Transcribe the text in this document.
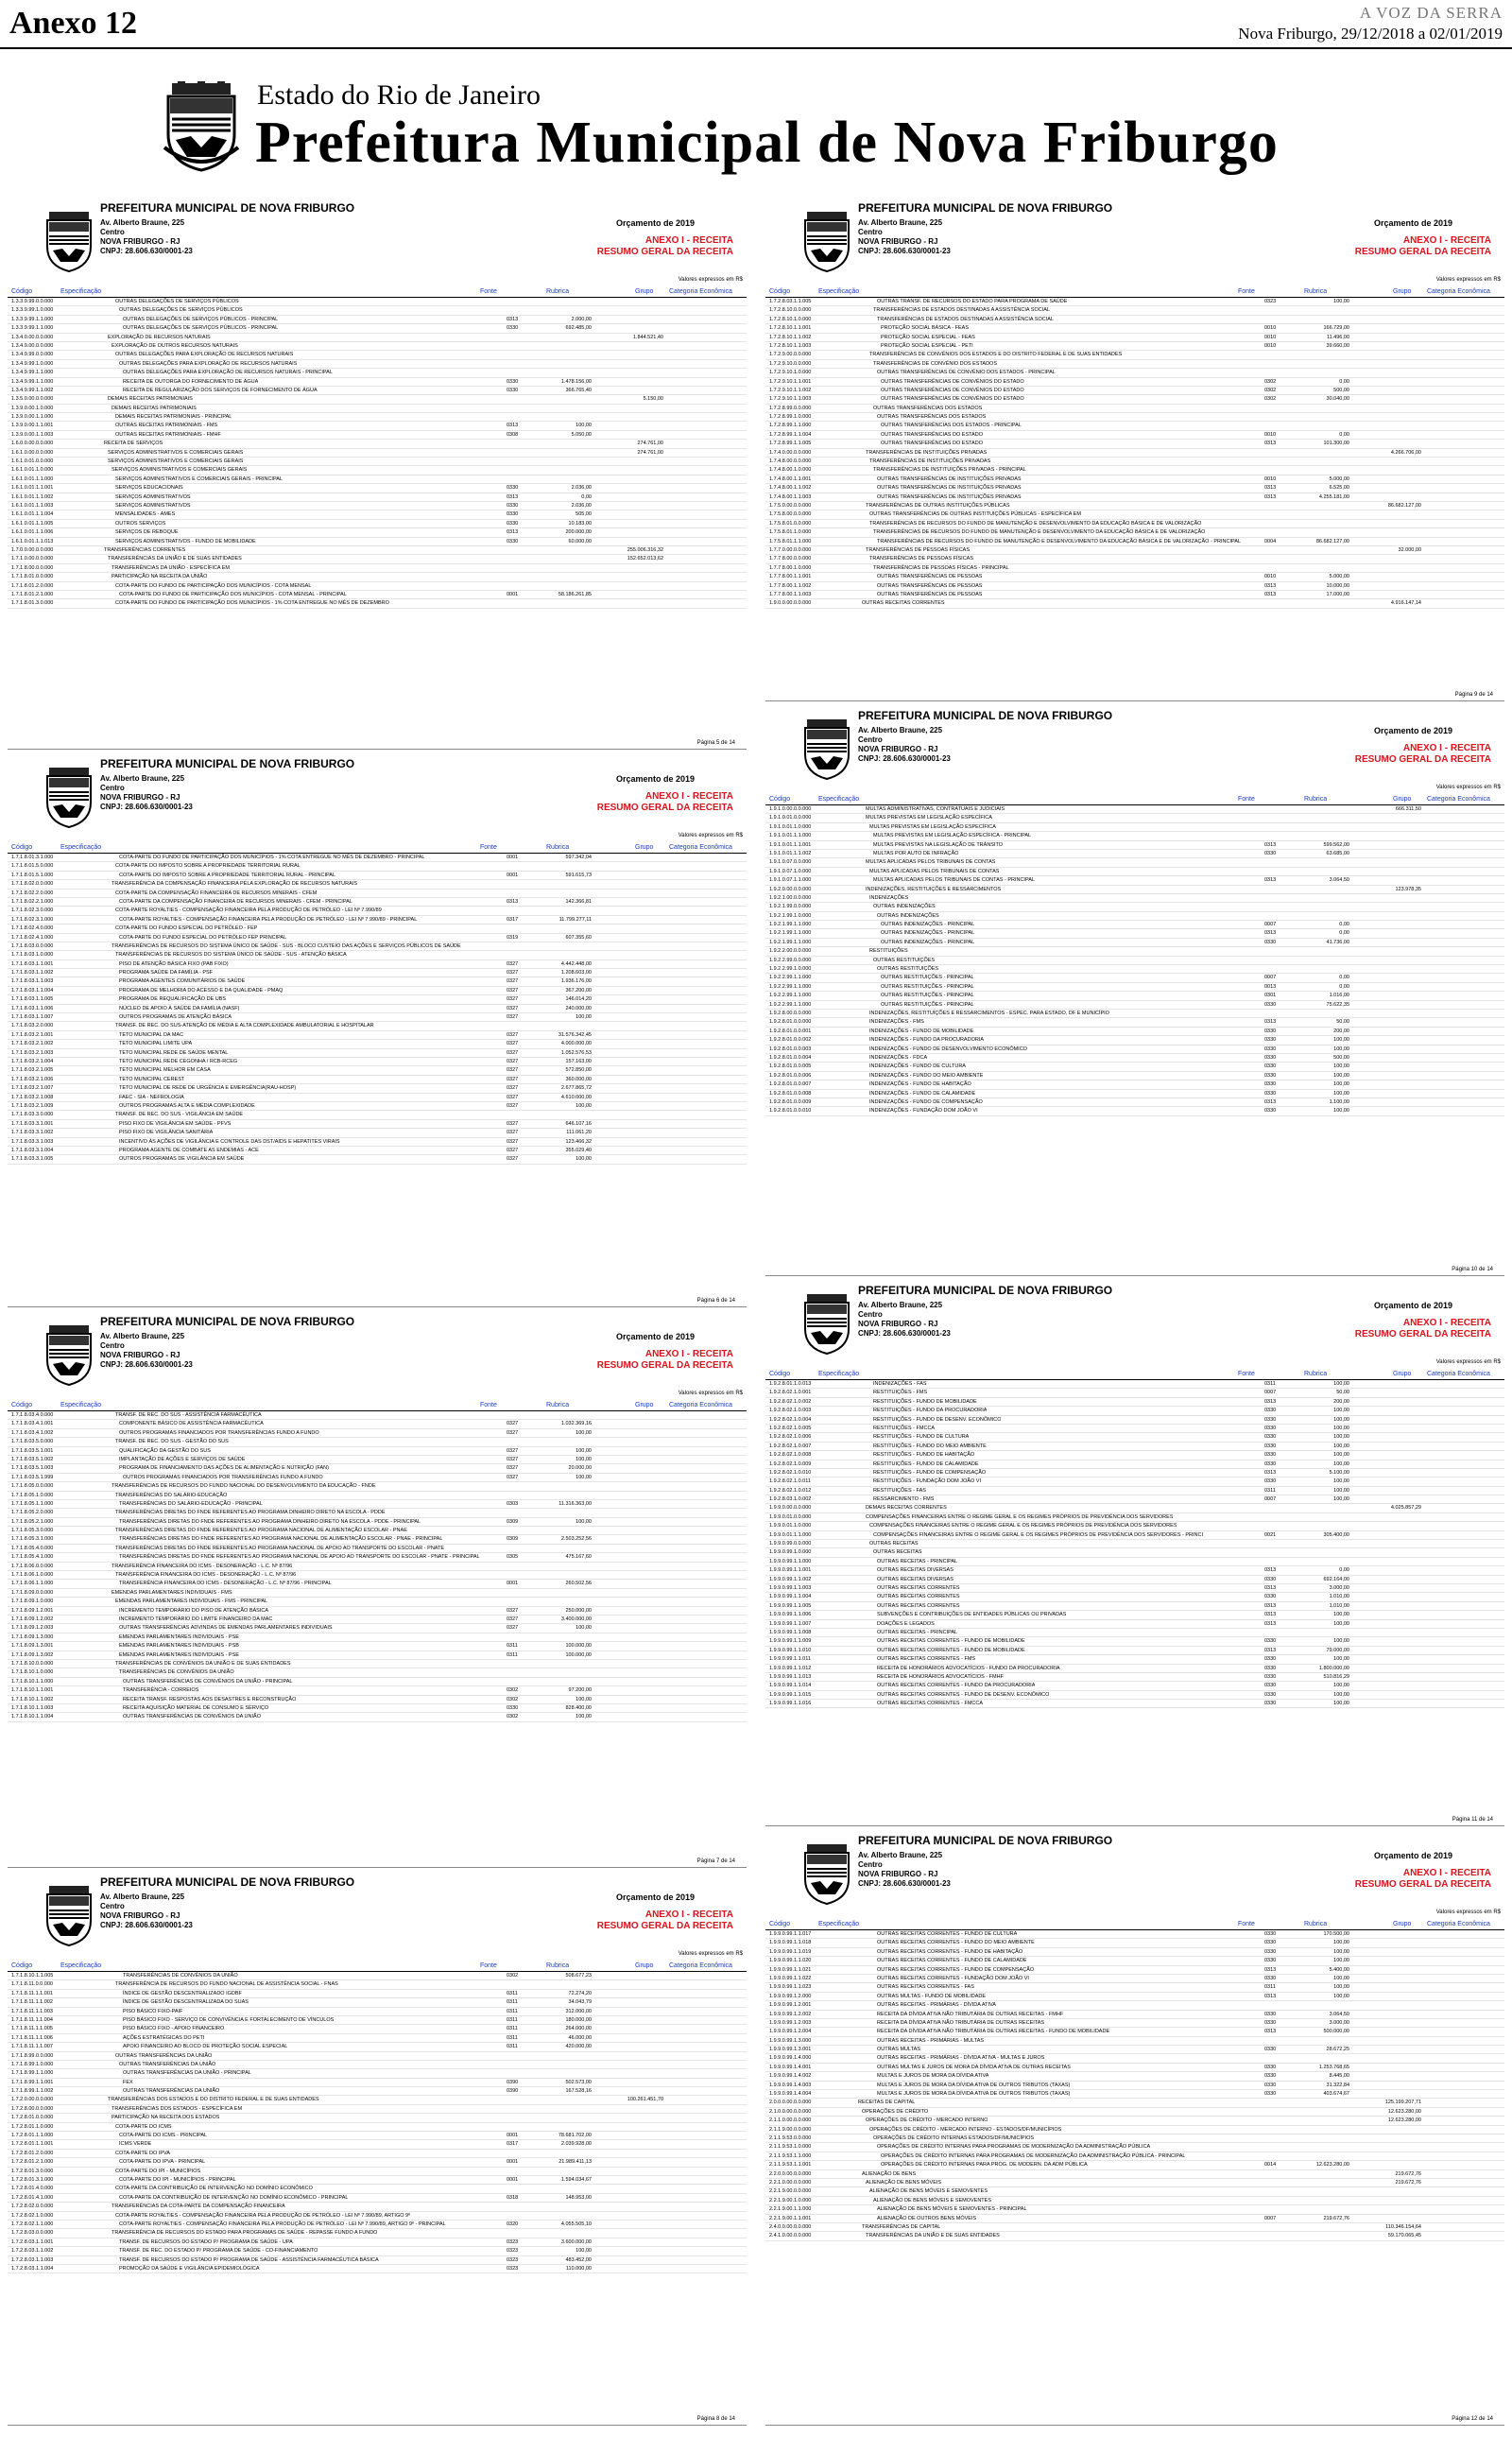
Anexo 12	A VOZ DA SERRA
Nova Friburgo, 29/12/2018 a 02/01/2019
Estado do Rio de Janeiro
Prefeitura Municipal de Nova Friburgo
PREFEITURA MUNICIPAL DE NOVA FRIBURGO
Av. Alberto Braune, 225
Centro
NOVA FRIBURGO - RJ
CNPJ: 28.606.630/0001-23
Orçamento de 2019
ANEXO I - RECEITA
RESUMO GERAL DA RECEITA
Valores expressos em R$
Código	Especificação	Fonte	Rubrica	Grupo Categoria Econômica
1.3.3.9.99.0.0.000	OUTRAS DELEGAÇÕES DE SERVIÇOS PÚBLICOS
1.3.3.9.99.1.0.000	OUTRAS DELEGAÇÕES DE SERVIÇOS PÚBLICOS
1.3.3.9.99.1.1.000	OUTRAS DELEGAÇÕES DE SERVIÇOS PÚBLICOS - PRINCIPAL	0313	2.000,00
1.3.3.9.99.1.1.000	OUTRAS DELEGAÇÕES DE SERVIÇOS PÚBLICOS - PRINCIPAL	0330	692.485,00
1.3.4.0.00.0.0.000	EXPLORAÇÃO DE RECURSOS NATURAIS	1.844.521,40
1.3.4.9.00.0.0.000	EXPLORAÇÃO DE OUTROS RECURSOS NATURAIS
1.3.4.9.99.0.0.000	OUTRAS DELEGAÇÕES PARA EXPLORAÇÃO DE RECURSOS NATURAIS
1.3.4.9.99.1.0.000	OUTRAS DELEGAÇÕES PARA EXPLORAÇÃO DE RECURSOS NATURAIS
1.3.4.9.99.1.1.000	OUTRAS DELEGAÇÕES PARA EXPLORAÇÃO DE RECURSOS NATURAIS - PRINCIPAL
1.3.4.9.99.1.1.000	RECEITA DE OUTORGA DO FORNECIMENTO DE ÁGUA	0330	1.478.156,00
1.3.4.9.99.1.1.002	RECEITA DE REGULARIZAÇÃO DOS SERVIÇOS DE FORNECIMENTO DE ÁGUA	0330	366.765,40
1.3.5.0.00.0.0.000	DEMAIS RECEITAS PATRIMONIAIS	5.150,00
1.3.9.0.00.1.0.000	DEMAIS RECEITAS PATRIMONIAIS
1.3.9.0.00.1.1.000	DEMAIS RECEITAS PATRIMONIAIS - PRINCIPAL
1.3.9.0.00.1.1.001	OUTRAS RECEITAS PATRIMONIAIS - FMS	0313	100,00
1.3.9.0.00.1.1.003	OUTRAS RECEITAS PATRIMONIAIS - FMHF	0308	5.050,00
1.6.0.0.00.0.0.000	RECEITA DE SERVIÇOS	274.761,00
1.6.1.0.00.0.0.000	SERVIÇOS ADMINISTRATIVOS E COMERCIAIS GERAIS	274.761,00
1.6.1.0.01.0.0.000	SERVIÇOS ADMINISTRATIVOS E COMERCIAIS GERAIS
1.6.1.0.01.1.0.000	SERVIÇOS ADMINISTRATIVOS E COMERCIAIS GERAIS
1.6.1.0.01.1.1.000	SERVIÇOS ADMINISTRATIVOS E COMERCIAIS GERAIS - PRINCIPAL
1.6.1.0.01.1.1.001	SERVIÇOS EDUCACIONAIS	0330	2.036,00
1.6.1.0.01.1.1.002	SERVIÇOS ADMINISTRATIVOS	0313	0,00
1.6.1.0.01.1.1.003	SERVIÇOS ADMINISTRATIVOS	0330	2.036,00
1.6.1.0.01.1.1.004	MENSALIDADES - AMES	0330	505,00
1.6.1.0.01.1.1.005	OUTROS SERVIÇOS	0330	10.183,00
1.6.1.0.01.1.1.006	SERVIÇOS DE REBOQUE	0313	200.000,00
1.6.1.0.01.1.1.013	SERVIÇOS ADMINISTRATIVOS - FUNDO DE MOBILIDADE	0330	60.000,00
1.7.0.0.00.0.0.000	TRANSFERÊNCIAS CORRENTES	255.006.316,32
1.7.1.0.00.0.0.000	TRANSFERÊNCIAS DA UNIÃO E DE SUAS ENTIDADES	152.652.013,62
1.7.1.8.00.0.0.000	TRANSFERÊNCIAS DA UNIÃO - ESPECÍFICA EM
1.7.1.8.01.0.0.000	PARTICIPAÇÃO NA RECEITA DA UNIÃO
1.7.1.8.01.2.0.000	COTA-PARTE DO FUNDO DE PARTICIPAÇÃO DOS MUNICÍPIOS - COTA MENSAL
1.7.1.8.01.2.1.000	COTA-PARTE DO FUNDO DE PARTICIPAÇÃO DOS MUNICÍPIOS - COTA MENSAL - PRINCIPAL	0001	58.186.261,85
1.7.1.8.01.3.0.000	COTA-PARTE DO FUNDO DE PARTICIPAÇÃO DOS MUNICÍPIOS - 1% COTA ENTREGUE NO MÊS DE DEZEMBRO
Página 5 de 14
PREFEITURA MUNICIPAL DE NOVA FRIBURGO
Av. Alberto Braune, 225
Centro
NOVA FRIBURGO - RJ
CNPJ: 28.606.630/0001-23
Orçamento de 2019
ANEXO I - RECEITA
RESUMO GERAL DA RECEITA
Valores expressos em R$
Código	Especificação	Fonte	Rubrica	Grupo Categoria Econômica
1.7.1.8.01.3.1.000	COTA-PARTE DO FUNDO DE PARTICIPAÇÃO DOS MUNICÍPIOS - 1% COTA ENTREGUE NO MÊS DE DEZEMBRO - PRINCIPAL	0001	597.342,04
1.7.1.8.01.5.0.000	COTA-PARTE DO IMPOSTO SOBRE A PROPRIEDADE TERRITORIAL RURAL
1.7.1.8.01.5.1.000	COTA-PARTE DO IMPOSTO SOBRE A PROPRIEDADE TERRITORIAL RURAL - PRINCIPAL	0001	591.615,73
1.7.1.8.02.0.0.000	TRANSFERÊNCIA DA COMPENSAÇÃO FINANCEIRA PELA EXPLORAÇÃO DE RECURSOS NATURAIS
1.7.1.8.02.2.0.000	COTA-PARTE DA COMPENSAÇÃO FINANCEIRA DE RECURSOS MINERAIS - CFEM
1.7.1.8.02.2.1.000	COTA-PARTE DA COMPENSAÇÃO FINANCEIRA DE RECURSOS MINERAIS - CFEM - PRINCIPAL	0313	142.366,81
1.7.1.8.02.3.0.000	COTA-PARTE ROYALTIES - COMPENSAÇÃO FINANCEIRA PELA PRODUÇÃO DE PETRÓLEO - LEI Nº 7.990/89
1.7.1.8.02.3.1.000	COTA-PARTE ROYALTIES - COMPENSAÇÃO FINANCEIRA PELA PRODUÇÃO DE PETRÓLEO - LEI Nº 7.990/89 - PRINCIPAL	0317	11.799.277,11
1.7.1.8.02.4.0.000	COTA-PARTE DO FUNDO ESPECIAL DO PETRÓLEO - FEP
1.7.1.8.02.4.1.000	COTA-PARTE DO FUNDO ESPECIAL DO PETRÓLEO FEP PRINCIPAL	0319	607.355,60
1.7.1.8.03.0.0.000	TRANSFERÊNCIAS DE RECURSOS DO SISTEMA ÚNICO DE SAÚDE - SUS - BLOCO CUSTEIO DAS AÇÕES E SERVIÇOS PÚBLICOS DE SAÚDE
1.7.1.8.03.1.0.000	TRANSFERÊNCIAS DE RECURSOS DO SISTEMA ÚNICO DE SAÚDE - SUS - ATENÇÃO BÁSICA
1.7.1.8.03.1.1.001	PISO DE ATENÇÃO BÁSICA FIXO (PAB FIXO)	0327	4.442.448,00
1.7.1.8.03.1.1.002	PROGRAMA SAÚDE DA FAMÍLIA - PSF	0327	1.208.603,00
1.7.1.8.03.1.1.003	PROGRAMA AGENTES COMUNITÁRIOS DE SAÚDE	0327	1.936.176,00
1.7.1.8.03.1.1.004	PROGRAMA DE MELHORIA DO ACESSO E DA QUALIDADE - PMAQ	0327	367.200,00
1.7.1.8.03.1.1.005	PROGRAMA DE REQUALIFICAÇÃO DE UBS	0327	146.014,20
1.7.1.8.03.1.1.006	NÚCLEO DE APOIO À SAÚDE DA FAMÍLIA (NASF)	0327	240.000,00
1.7.1.8.03.1.1.007	OUTROS PROGRAMAS DE ATENÇÃO BÁSICA	0327	100,00
1.7.1.8.03.2.0.000	TRANSF. DE REC. DO SUS-ATENÇÃO DE MÉDIA E ALTA COMPLEXIDADE AMBULATORIAL E HOSPITALAR
1.7.1.8.03.2.1.001	TETO MUNICIPAL DA MAC	0327	31.576.342,45
1.7.1.8.03.2.1.002	TETO MUNICIPAL LIMITE UPA	0327	4.000.000,00
1.7.1.8.03.2.1.003	TETO MUNICIPAL REDE DE SAÚDE MENTAL	0327	1.052.576,53
1.7.1.8.03.2.1.004	TETO MUNICIPAL REDE CEGONHA / RCB-RCEG	0327	157.163,00
1.7.1.8.03.2.1.005	TETO MUNICIPAL MELHOR EM CASA	0327	572.850,00
1.7.1.8.03.2.1.006	TETO MUNICIPAL CEREST	0327	360.000,00
1.7.1.8.03.2.1.007	TETO MUNICIPAL DE REDE DE URGÊNCIA E EMERGÊNCIA(RAU-HOSP)	0327	2.677.865,72
1.7.1.8.03.2.1.008	FAEC - SIA - NEFROLOGIA	0327	4.610.000,00
1.7.1.8.03.2.1.009	OUTROS PROGRAMAS ALTA E MÉDIA COMPLEXIDADE	0327	100,00
1.7.1.8.03.3.0.000	TRANSF. DE REC. DO SUS - VIGILÂNCIA EM SAÚDE
1.7.1.8.03.3.1.001	PISO FIXO DE VIGILÂNCIA EM SAÚDE - PFVS	0327	646.107,16
1.7.1.8.03.3.1.002	PISO FIXO DE VIGILÂNCIA SANITÁRIA	0327	111.061,20
1.7.1.8.03.3.1.003	INCENTIVO ÀS AÇÕES DE VIGILÂNCIA E CONTROLE DAS DST/AIDS E HEPATITES VIRAIS	0327	123.466,32
1.7.1.8.03.3.1.004	PROGRAMA AGENTE DE COMBATE AS ENDEMIAS - ACE	0327	355.029,40
1.7.1.8.03.3.1.005	OUTROS PROGRAMAS DE VIGILÂNCIA EM SAÚDE	0327	100,00
Página 6 de 14
PREFEITURA MUNICIPAL DE NOVA FRIBURGO
Av. Alberto Braune, 225
Centro
NOVA FRIBURGO - RJ
CNPJ: 28.606.630/0001-23
Orçamento de 2019
ANEXO I - RECEITA
RESUMO GERAL DA RECEITA
Valores expressos em R$
Código	Especificação	Fonte	Rubrica	Grupo Categoria Econômica
1.7.1.8.03.4.0.000	TRANSF. DE REC. DO SUS - ASSISTÊNCIA FARMACÊUTICA
1.7.1.8.03.4.1.001	COMPONENTE BÁSICO DE ASSISTÊNCIA FARMACÊUTICA	0327	1.032.369,16
1.7.1.8.03.4.1.002	OUTROS PROGRAMAS FINANCIADOS POR TRANSFERÊNCIAS FUNDO A FUNDO	0327	100,00
1.7.1.8.03.5.0.000	TRANSF. DE REC. DO SUS - GESTÃO DO SUS
1.7.1.8.03.5.1.001	QUALIFICAÇÃO DA GESTÃO DO SUS	0327	100,00
1.7.1.8.03.5.1.002	IMPLANTAÇÃO DE AÇÕES E SERVIÇOS DE SAÚDE	0327	100,00
1.7.1.8.03.5.1.003	PROGRAMA DE FINANCIAMENTO DAS AÇÕES DE ALIMENTAÇÃO E NUTRIÇÃO (FAN)	0327	20.000,00
1.7.1.8.03.5.1.999	OUTROS PROGRAMAS FINANCIADOS POR TRANSFERÊNCIAS FUNDO A FUNDO	0327	100,00
1.7.1.8.05.0.0.000	TRANSFERÊNCIAS DE RECURSOS DO FUNDO NACIONAL DO DESENVOLVIMENTO DA EDUCAÇÃO - FNDE
1.7.1.8.05.1.0.000	TRANSFERÊNCIAS DO SALÁRIO-EDUCAÇÃO
1.7.1.8.05.1.1.000	TRANSFERÊNCIAS DO SALÁRIO-EDUCAÇÃO - PRINCIPAL	0303	11.316.363,00
1.7.1.8.05.2.0.000	TRANSFERÊNCIAS DIRETAS DO FNDE REFERENTES AO PROGRAMA DINHEIRO DIRETO NA ESCOLA - PDDE
1.7.1.8.05.2.1.000	TRANSFERÊNCIAS DIRETAS DO FNDE REFERENTES AO PROGRAMA DINHEIRO DIRETO NA ESCOLA - PDDE - PRINCIPAL	0309	100,00
1.7.1.8.05.3.0.000	TRANSFERÊNCIAS DIRETAS DO FNDE REFERENTES AO PROGRAMA NACIONAL DE ALIMENTAÇÃO ESCOLAR - PNAE
1.7.1.8.05.3.1.000	TRANSFERÊNCIAS DIRETAS DO FNDE REFERENTES AO PROGRAMA NACIONAL DE ALIMENTAÇÃO ESCOLAR - PNAE - PRINCIPAL	0309	2.503.252,56
1.7.1.8.05.4.0.000	TRANSFERÊNCIAS DIRETAS DO FNDE REFERENTES AO PROGRAMA NACIONAL DE APOIO AO TRANSPORTE DO ESCOLAR - PNATE
1.7.1.8.05.4.1.000	TRANSFERÊNCIAS DIRETAS DO FNDE REFERENTES AO PROGRAMA NACIONAL DE APOIO AO TRANSPORTE DO ESCOLAR - PNATE - PRINCIPAL	0305	475.167,60
1.7.1.8.06.0.0.000	TRANSFERÊNCIA FINANCEIRA DO ICMS - DESONERAÇÃO - L.C. Nº 87/96
1.7.1.8.06.1.0.000	TRANSFERÊNCIA FINANCEIRA DO ICMS - DESONERAÇÃO - L.C. Nº 87/96
1.7.1.8.06.1.1.000	TRANSFERÊNCIA FINANCEIRA DO ICMS - DESONERAÇÃO - L.C. Nº 87/96 - PRINCIPAL	0001	260.502,56
1.7.1.8.09.0.0.000	EMENDAS PARLAMENTARES INDIVIDUAIS - FMS
1.7.1.8.09.1.0.000	EMENDAS PARLAMENTARES INDIVIDUAIS - FMS - PRINCIPAL
1.7.1.8.09.1.2.001	INCREMENTO TEMPORÁRIO DO PISO DE ATENÇÃO BÁSICA	0327	250.000,00
1.7.1.8.09.1.2.002	INCREMENTO TEMPORÁRIO DO LIMITE FINANCEIRO DA MAC	0327	3.400.000,00
1.7.1.8.09.1.2.003	OUTRAS TRANSFERÊNCIAS ADVINDAS DE EMENDAS PARLAMENTARES INDIVIDUAIS	0327	100,00
1.7.1.8.09.1.3.000	EMENDAS PARLAMENTARES INDIVIDUAIS - PSE
1.7.1.8.09.1.3.001	EMENDAS PARLAMENTARES INDIVIDUAIS - PSB	0311	100.000,00
1.7.1.8.09.1.3.002	EMENDAS PARLAMENTARES INDIVIDUAIS - PSE	0311	100.000,00
1.7.1.8.10.0.0.000	TRANSFERÊNCIAS DE CONVÊNIOS DA UNIÃO E DE SUAS ENTIDADES
1.7.1.8.10.1.0.000	TRANSFERÊNCIAS DE CONVÊNIOS DA UNIÃO
1.7.1.8.10.1.1.000	OUTRAS TRANSFERÊNCIAS DE CONVÊNIOS DA UNIÃO - PRINCIPAL
1.7.1.8.10.1.1.001	TRANSFERÊNCIA - CORREIOS	0302	97.200,00
1.7.1.8.10.1.1.002	RECEITA TRANSF. RESPOSTAS AOS DESASTRES E RECONSTRUÇÃO	0302	100,00
1.7.1.8.10.1.1.003	RECEITA AQUISIÇÃO MATERIAL DE CONSUMO E SERVIÇO	0330	828.400,00
1.7.1.8.10.1.1.004	OUTRAS TRANSFERÊNCIAS DE CONVÊNIOS DA UNIÃO	0302	100,00
Página 7 de 14
PREFEITURA MUNICIPAL DE NOVA FRIBURGO
Av. Alberto Braune, 225
Centro
NOVA FRIBURGO - RJ
CNPJ: 28.606.630/0001-23
Orçamento de 2019
ANEXO I - RECEITA
RESUMO GERAL DA RECEITA
Valores expressos em R$
Código	Especificação	Fonte	Rubrica	Grupo Categoria Econômica
1.7.1.8.10.1.1.005	TRANSFERÊNCIAS DE CONVÊNIOS DA UNIÃO	0302	508.677,23
1.7.1.8.11.0.0.000	TRANSFERÊNCIA DE RECURSOS DO FUNDO NACIONAL DE ASSISTÊNCIA SOCIAL - FNAS
1.7.1.8.11.1.1.001	ÍNDICE DE GESTÃO DESCENTRALIZADO IGDBF	0311	72.274,20
1.7.1.8.11.1.1.002	ÍNDICE DE GESTÃO DESCENTRALIZADA DO SUAS	0311	34.043,79
1.7.1.8.11.1.1.003	PISO BÁSICO FIXO-PAIF	0311	312.000,00
1.7.1.8.11.1.1.004	PISO BÁSICO FIXO - SERVIÇO DE CONVIVÊNCIA E FORTALECIMENTO DE VÍNCULOS	0311	180.000,00
1.7.1.8.11.1.1.005	PISO BÁSICO FIXO - APOIO FINANCEIRO	0311	264.000,00
1.7.1.8.11.1.1.006	AÇÕES ESTRATÉGICAS DO PETI	0311	46.000,00
1.7.1.8.11.1.1.007	APOIO FINANCEIRO AO BLOCO DE PROTEÇÃO SOCIAL ESPECIAL	0311	420.000,00
1.7.1.8.99.0.0.000	OUTRAS TRANSFERÊNCIAS DA UNIÃO
1.7.1.8.99.1.0.000	OUTRAS TRANSFERÊNCIAS DA UNIÃO
1.7.1.8.99.1.1.000	OUTRAS TRANSFERÊNCIAS DA UNIÃO - PRINCIPAL
1.7.1.8.99.1.1.001	FEX	0390	502.573,00
1.7.1.8.99.1.1.002	OUTRAS TRANSFERÊNCIAS DA UNIÃO	0390	167.528,16
1.7.2.0.00.0.0.000	TRANSFERÊNCIAS DOS ESTADOS E DO DISTRITO FEDERAL E DE SUAS ENTIDADES	100.261.451,70
1.7.2.8.00.0.0.000	TRANSFERÊNCIAS DOS ESTADOS - ESPECÍFICA EM
1.7.2.8.01.0.0.000	PARTICIPAÇÃO NA RECEITA DOS ESTADOS
1.7.2.8.01.1.0.000	COTA-PARTE DO ICMS
1.7.2.8.01.1.1.000	COTA-PARTE DO ICMS - PRINCIPAL	0001	78.681.702,00
1.7.2.8.01.1.1.001	ICMS VERDE	0317	2.039.928,00
1.7.2.8.01.2.0.000	COTA-PARTE DO IPVA
1.7.2.8.01.2.1.000	COTA-PARTE DO IPVA - PRINCIPAL	0001	21.989.411,13
1.7.2.8.01.3.0.000	COTA-PARTE DO IPI - MUNICÍPIOS
1.7.2.8.01.3.1.000	COTA-PARTE DO IPI - MUNICÍPIOS - PRINCIPAL	0001	1.594.034,67
1.7.2.8.01.4.0.000	COTA-PARTE DA CONTRIBUIÇÃO DE INTERVENÇÃO NO DOMÍNIO ECONÔMICO
1.7.2.8.01.4.1.000	COTA-PARTE DA CONTRIBUIÇÃO DE INTERVENÇÃO NO DOMÍNIO ECONÔMICO - PRINCIPAL	0318	148.953,00
1.7.2.8.02.0.0.000	TRANSFERÊNCIAS DA COTA-PARTE DA COMPENSAÇÃO FINANCEIRA
1.7.2.8.02.1.0.000	COTA-PARTE ROYALTIES - COMPENSAÇÃO FINANCEIRA PELA PRODUÇÃO DE PETRÓLEO - LEI Nº 7.990/89, ARTIGO 9º
1.7.2.8.02.1.1.000	COTA-PARTE ROYALTIES - COMPENSAÇÃO FINANCEIRA PELA PRODUÇÃO DE PETRÓLEO - LEI Nº 7.990/89, ARTIGO 9º - PRINCIPAL	0320	4.055.505,10
1.7.2.8.03.0.0.000	TRANSFERÊNCIA DE RECURSOS DO ESTADO PARA PROGRAMAS DE SAÚDE - REPASSE FUNDO A FUNDO
1.7.2.8.03.1.1.001	TRANSF. DE RECURSOS DO ESTADO P/ PROGRAMA DE SAÚDE - UPA	0323	3.600.000,00
1.7.2.8.03.1.1.002	TRANSF. DE REC. DO ESTADO P/ PROGRAMA DE SAÚDE - CO-FINANCIAMENTO	0323	100,00
1.7.2.8.03.1.1.003	TRANSF. DE RECURSOS DO ESTADO P/ PROGRAMA DE SAÚDE - ASSISTÊNCIA FARMACÊUTICA BÁSICA	0323	483.452,00
1.7.2.8.03.1.1.004	PROMOÇÃO DA SAÚDE E VIGILÂNCIA EPIDEMIOLÓGICA	0323	110.000,00
Página 8 de 14
PREFEITURA MUNICIPAL DE NOVA FRIBURGO
Av. Alberto Braune, 225
Centro
NOVA FRIBURGO - RJ
CNPJ: 28.606.630/0001-23
Orçamento de 2019
ANEXO I - RECEITA
RESUMO GERAL DA RECEITA
Valores expressos em R$
Código	Especificação	Fonte	Rubrica	Grupo Categoria Econômica
1.7.2.8.03.1.1.005	OUTRAS TRANSF. DE RECURSOS DO ESTADO PARA PROGRAMA DE SAÚDE	0323	100,00
1.7.2.8.10.0.0.000	TRANSFERÊNCIAS DE ESTADOS DESTINADAS A ASSISTÊNCIA SOCIAL
1.7.2.8.10.1.0.000	TRANSFERÊNCIAS DE ESTADOS DESTINADAS A ASSISTÊNCIA SOCIAL
1.7.2.8.10.1.1.001	PROTEÇÃO SOCIAL BÁSICA - FEAS	0010	166.729,00
1.7.2.8.10.1.1.002	PROTEÇÃO SOCIAL ESPECIAL - FEAS	0010	11.496,00
1.7.2.8.10.1.1.003	PROTEÇÃO SOCIAL ESPECIAL - PETI	0010	39.660,00
1.7.2.9.00.0.0.000	TRANSFERÊNCIAS DE CONVÊNIOS DOS ESTADOS E DO DISTRITO FEDERAL E DE SUAS ENTIDADES
1.7.2.9.10.0.0.000	TRANSFERÊNCIAS DE CONVÊNIO DOS ESTADOS
1.7.2.9.10.1.0.000	OUTRAS TRANSFERÊNCIAS DE CONVÊNIO DOS ESTADOS - PRINCIPAL
1.7.2.9.10.1.1.001	OUTRAS TRANSFERÊNCIAS DE CONVÊNIOS DO ESTADO	0302	0,00
1.7.2.9.10.1.1.002	OUTRAS TRANSFERÊNCIAS DE CONVÊNIOS DO ESTADO	0302	500,00
1.7.2.9.10.1.1.003	OUTRAS TRANSFERÊNCIAS DE CONVÊNIOS DO ESTADO	0302	30.040,00
1.7.2.8.99.0.0.000	OUTRAS TRANSFERÊNCIAS DOS ESTADOS
1.7.2.8.99.1.0.000	OUTRAS TRANSFERÊNCIAS DOS ESTADOS
1.7.2.8.99.1.1.000	OUTRAS TRANSFERÊNCIAS DOS ESTADOS - PRINCIPAL
1.7.2.8.99.1.1.004	OUTRAS TRANSFERÊNCIAS DO ESTADO	0010	0,00
1.7.2.8.99.1.1.005	OUTRAS TRANSFERÊNCIAS DO ESTADO	0313	101.300,00
1.7.4.0.00.0.0.000	TRANSFERÊNCIAS DE INSTITUIÇÕES PRIVADAS	4.266.706,00
1.7.4.8.00.0.0.000	TRANSFERÊNCIAS DE INSTITUIÇÕES PRIVADAS
1.7.4.8.00.1.0.000	TRANSFERÊNCIAS DE INSTITUIÇÕES PRIVADAS - PRINCIPAL
1.7.4.8.00.1.1.001	OUTRAS TRANSFERÊNCIAS DE INSTITUIÇÕES PRIVADAS	0010	5.000,00
1.7.4.8.00.1.1.002	OUTRAS TRANSFERÊNCIAS DE INSTITUIÇÕES PRIVADAS	0313	6.525,00
1.7.4.8.00.1.1.003	OUTRAS TRANSFERÊNCIAS DE INSTITUIÇÕES PRIVADAS	0313	4.255.181,00
1.7.5.0.00.0.0.000	TRANSFERÊNCIAS DE OUTRAS INSTITUIÇÕES PÚBLICAS	86.682.127,00
1.7.5.8.00.0.0.000	OUTRAS TRANSFERÊNCIAS DE OUTRAS INSTITUIÇÕES PÚBLICAS - ESPECÍFICA EM
1.7.5.8.01.0.0.000	TRANSFERÊNCIAS DE RECURSOS DO FUNDO DE MANUTENÇÃO E DESENVOLVIMENTO DA EDUCAÇÃO BÁSICA E DE VALORIZAÇÃO
1.7.5.8.01.1.0.000	TRANSFERÊNCIAS DE RECURSOS DO FUNDO DE MANUTENÇÃO E DESENVOLVIMENTO DA EDUCAÇÃO BÁSICA E DE VALORIZAÇÃO
1.7.5.8.01.1.1.000	TRANSFERÊNCIAS DE RECURSOS DO FUNDO DE MANUTENÇÃO E DESENVOLVIMENTO DA EDUCAÇÃO BÁSICA E DE VALORIZAÇÃO - PRINCIPAL	0004	86.682.127,00
1.7.7.0.00.0.0.000	TRANSFERÊNCIAS DE PESSOAS FÍSICAS	32.000,00
1.7.7.8.00.0.0.000	TRANSFERÊNCIAS DE PESSOAS FÍSICAS
1.7.7.8.00.1.0.000	TRANSFERÊNCIAS DE PESSOAS FÍSICAS - PRINCIPAL
1.7.7.8.00.1.1.001	OUTRAS TRANSFERÊNCIAS DE PESSOAS	0010	5.000,00
1.7.7.8.00.1.1.002	OUTRAS TRANSFERÊNCIAS DE PESSOAS	0313	10.000,00
1.7.7.8.00.1.1.003	OUTRAS TRANSFERÊNCIAS DE PESSOAS	0313	17.000,00
1.9.0.0.00.0.0.000	OUTRAS RECEITAS CORRENTES	4.916.147,14
Página 9 de 14
PREFEITURA MUNICIPAL DE NOVA FRIBURGO
Av. Alberto Braune, 225
Centro
NOVA FRIBURGO - RJ
CNPJ: 28.606.630/0001-23
Orçamento de 2019
ANEXO I - RECEITA
RESUMO GERAL DA RECEITA
Valores expressos em R$
Código	Especificação	Fonte	Rubrica	Grupo Categoria Econômica
1.9.1.0.00.0.0.000	MULTAS ADMINISTRATIVAS, CONTRATUAIS E JUDICIAIS	666.311,50
1.9.1.0.01.0.0.000	MULTAS PREVISTAS EM LEGISLAÇÃO ESPECÍFICA
1.9.1.0.01.1.0.000	MULTAS PREVISTAS EM LEGISLAÇÃO ESPECÍFICA
1.9.1.0.01.1.1.000	MULTAS PREVISTAS EM LEGISLAÇÃO ESPECÍFICA - PRINCIPAL
1.9.1.0.01.1.1.001	MULTAS PREVISTAS NA LEGISLAÇÃO DE TRÂNSITO	0313	599.562,00
1.9.1.0.01.1.1.002	MULTAS POR AUTO DE INFRAÇÃO	0330	63.685,00
1.9.1.0.07.0.0.000	MULTAS APLICADAS PELOS TRIBUNAIS DE CONTAS
1.9.1.0.07.1.0.000	MULTAS APLICADAS PELOS TRIBUNAIS DE CONTAS
1.9.1.0.07.1.1.000	MULTAS APLICADAS PELOS TRIBUNAIS DE CONTAS - PRINCIPAL	0313	3.064,50
1.9.2.0.00.0.0.000	INDENIZAÇÕES, RESTITUIÇÕES E RESSARCIMENTOS	123.978,35
1.9.2.1.00.0.0.000	INDENIZAÇÕES
1.9.2.1.99.0.0.000	OUTRAS INDENIZAÇÕES
1.9.2.1.99.1.0.000	OUTRAS INDENIZAÇÕES
1.9.2.1.99.1.1.000	OUTRAS INDENIZAÇÕES - PRINCIPAL	0007	0,00
1.9.2.1.99.1.1.000	OUTRAS INDENIZAÇÕES - PRINCIPAL	0313	0,00
1.9.2.1.99.1.1.000	OUTRAS INDENIZAÇÕES - PRINCIPAL	0330	41.736,00
1.9.2.2.00.0.0.000	RESTITUIÇÕES
1.9.2.2.99.0.0.000	OUTRAS RESTITUIÇÕES
1.9.2.2.99.1.0.000	OUTRAS RESTITUIÇÕES
1.9.2.2.99.1.1.000	OUTRAS RESTITUIÇÕES - PRINCIPAL	0007	0,00
1.9.2.2.99.1.1.000	OUTRAS RESTITUIÇÕES - PRINCIPAL	0013	0,00
1.9.2.2.99.1.1.000	OUTRAS RESTITUIÇÕES - PRINCIPAL	0301	1.016,00
1.9.2.2.99.1.1.000	OUTRAS RESTITUIÇÕES - PRINCIPAL	0330	75.622,35
1.9.2.8.00.0.0.000	INDENIZAÇÕES, RESTITUIÇÕES E RESSARCIMENTOS - ESPEC. PARA ESTADO, DF E MUNICÍPIO
1.9.2.8.01.0.0.000	INDENIZAÇÕES - FMS	0313	50,00
1.9.2.8.01.0.0.001	INDENIZAÇÕES - FUNDO DE MOBILIDADE	0330	200,00
1.9.2.8.01.0.0.002	INDENIZAÇÕES - FUNDO DA PROCURADORIA	0330	100,00
1.9.2.8.01.0.0.003	INDENIZAÇÕES - FUNDO DE DESENVOLVIMENTO ECONÔMICO	0330	100,00
1.9.2.8.01.0.0.004	INDENIZAÇÕES - FDCA	0330	500,00
1.9.2.8.01.0.0.005	INDENIZAÇÕES - FUNDO DE CULTURA	0330	100,00
1.9.2.8.01.0.0.006	INDENIZAÇÕES - FUNDO DO MEIO AMBIENTE	0330	100,00
1.9.2.8.01.0.0.007	INDENIZAÇÕES - FUNDO DE HABITAÇÃO	0330	100,00
1.9.2.8.01.0.0.008	INDENIZAÇÕES - FUNDO DE CALAMIDADE	0330	100,00
1.9.2.8.01.0.0.009	INDENIZAÇÕES - FUNDO DE COMPENSAÇÃO	0313	1.100,00
1.9.2.8.01.0.0.010	INDENIZAÇÕES - FUNDAÇÃO DOM JOÃO VI	0330	100,00
Página 10 de 14
PREFEITURA MUNICIPAL DE NOVA FRIBURGO
Av. Alberto Braune, 225
Centro
NOVA FRIBURGO - RJ
CNPJ: 28.606.630/0001-23
Orçamento de 2019
ANEXO I - RECEITA
RESUMO GERAL DA RECEITA
Valores expressos em R$
Código	Especificação	Fonte	Rubrica	Grupo Categoria Econômica
1.9.2.8.01.1.0.013	INDENIZAÇÕES - FAS	0311	100,00
1.9.2.8.02.1.0.001	RESTITUIÇÕES - FMS	0007	50,00
1.9.2.8.02.1.0.002	RESTITUIÇÕES - FUNDO DE MOBILIDADE	0313	200,00
1.9.2.8.02.1.0.003	RESTITUIÇÕES - FUNDO DA PROCURADORIA	0330	100,00
1.9.2.8.02.1.0.004	RESTITUIÇÕES - FUNDO DE DESENV. ECONÔMICO	0330	100,00
1.9.2.8.02.1.0.005	RESTITUIÇÕES - FMCCA	0330	100,00
1.9.2.8.02.1.0.006	RESTITUIÇÕES - FUNDO DE CULTURA	0330	100,00
1.9.2.8.02.1.0.007	RESTITUIÇÕES - FUNDO DO MEIO AMBIENTE	0330	100,00
1.9.2.8.02.1.0.008	RESTITUIÇÕES - FUNDO DE HABITAÇÃO	0330	100,00
1.9.2.8.02.1.0.009	RESTITUIÇÕES - FUNDO DE CALAMIDADE	0330	100,00
1.9.2.8.02.1.0.010	RESTITUIÇÕES - FUNDO DE COMPENSAÇÃO	0313	5.100,00
1.9.2.8.02.1.0.011	RESTITUIÇÕES - FUNDAÇÃO DOM JOÃO VI	0330	100,00
1.9.2.8.02.1.0.012	RESTITUIÇÕES - FAS	0311	100,00
1.9.2.8.03.1.0.002	RESSARCIMENTO - FMS	0007	100,00
1.9.9.0.00.0.0.000	DEMAIS RECEITAS CORRENTES	4.025.857,29
1.9.9.0.01.0.0.000	COMPENSAÇÕES FINANCEIRAS ENTRE O REGIME GERAL E OS REGIMES PRÓPRIOS DE PREVIDÊNCIA DOS SERVIDORES
1.9.9.0.01.1.0.000	COMPENSAÇÕES FINANCEIRAS ENTRE O REGIME GERAL E OS REGIMES PRÓPRIOS DE PREVIDÊNCIA DOS SERVIDORES
1.9.9.0.01.1.1.000	COMPENSAÇÕES FINANCEIRAS ENTRE O REGIME GERAL E OS REGIMES PRÓPRIOS DE PREVIDÊNCIA DOS SERVIDORES - PRINCI	0021	305.400,00
1.9.9.0.99.0.0.000	OUTRAS RECEITAS
1.9.9.0.99.1.0.000	OUTRAS RECEITAS
1.9.9.0.99.1.1.000	OUTRAS RECEITAS - PRINCIPAL
1.9.9.0.99.1.1.001	OUTRAS RECEITAS DIVERSAS	0313	0,00
1.9.9.0.99.1.1.002	OUTRAS RECEITAS DIVERSAS	0330	692.164,00
1.9.9.0.99.1.1.003	OUTRAS RECEITAS CORRENTES	0313	3.000,00
1.9.9.0.99.1.1.004	OUTRAS RECEITAS CORRENTES	0330	1.010,00
1.9.9.0.99.1.1.005	OUTRAS RECEITAS CORRENTES	0313	1.010,00
1.9.9.0.99.1.1.006	SUBVENÇÕES E CONTRIBUIÇÕES DE ENTIDADES PÚBLICAS OU PRIVADAS	0313	100,00
1.9.9.0.99.1.1.007	DOAÇÕES E LEGADOS	0313	100,00
1.9.9.0.99.1.1.008	OUTRAS RECEITAS - PRINCIPAL
1.9.9.0.99.1.1.009	OUTRAS RECEITAS CORRENTES - FUNDO DE MOBILIDADE	0330	100,00
1.9.9.0.99.1.1.010	OUTRAS RECEITAS CORRENTES - FUNDO DE MOBILIDADE	0313	79.000,00
1.9.9.0.99.1.1.011	OUTRAS RECEITAS CORRENTES - FMS	0330	100,00
1.9.9.0.99.1.1.012	RECEITA DE HONORÁRIOS ADVOCATÍCIOS - FUNDO DA PROCURADORIA	0330	1.800.000,00
1.9.9.0.99.1.1.013	RECEITA DE HONORÁRIOS ADVOCATÍCIOS - FMHF	0330	510.816,29
1.9.9.0.99.1.1.014	OUTRAS RECEITAS CORRENTES - FUNDO DA PROCURADORIA	0330	100,00
1.9.9.0.99.1.1.015	OUTRAS RECEITAS CORRENTES - FUNDO DE DESENV. ECONÔMICO	0330	100,00
1.9.9.0.99.1.1.016	OUTRAS RECEITAS CORRENTES - FMCCA	0330	100,00
Página 11 de 14
PREFEITURA MUNICIPAL DE NOVA FRIBURGO
Av. Alberto Braune, 225
Centro
NOVA FRIBURGO - RJ
CNPJ: 28.606.630/0001-23
Orçamento de 2019
ANEXO I - RECEITA
RESUMO GERAL DA RECEITA
Valores expressos em R$
Código	Especificação	Fonte	Rubrica	Grupo Categoria Econômica
1.9.9.0.99.1.1.017	OUTRAS RECEITAS CORRENTES - FUNDO DE CULTURA	0330	170.500,00
1.9.9.0.99.1.1.018	OUTRAS RECEITAS CORRENTES - FUNDO DO MEIO AMBIENTE	0330	100,00
1.9.9.0.99.1.1.019	OUTRAS RECEITAS CORRENTES - FUNDO DE HABITAÇÃO	0330	100,00
1.9.9.0.99.1.1.020	OUTRAS RECEITAS CORRENTES - FUNDO DE CALAMIDADE	0330	100,00
1.9.9.0.99.1.1.021	OUTRAS RECEITAS CORRENTES - FUNDO DE COMPENSAÇÃO	0313	5.400,00
1.9.9.0.99.1.1.022	OUTRAS RECEITAS CORRENTES - FUNDAÇÃO DOM JOÃO VI	0330	100,00
1.9.9.0.99.1.1.023	OUTRAS RECEITAS CORRENTES - FAS	0311	100,00
1.9.9.0.99.1.2.000	OUTRAS MULTAS - FUNDO DE MOBILIDADE	0313	100,00
1.9.9.0.99.1.2.001	OUTRAS RECEITAS - PRIMÁRIAS - DÍVIDA ATIVA
1.9.9.0.99.1.2.002	RECEITA DA DÍVIDA ATIVA NÃO TRIBUTÁRIA DE OUTRAS RECEITAS - FMHF	0330	3.064,50
1.9.9.0.99.1.2.003	RECEITA DA DÍVIDA ATIVA NÃO TRIBUTÁRIA DE OUTRAS RECEITAS	0330	3.000,00
1.9.9.0.99.1.2.004	RECEITA DA DÍVIDA ATIVA NÃO TRIBUTÁRIA DE OUTRAS RECEITAS - FUNDO DE MOBILIDADE	0313	500.000,00
1.9.9.0.99.1.3.000	OUTRAS RECEITAS - PRIMÁRIAS - MULTAS
1.9.9.0.99.1.3.001	OUTRAS MULTAS	0330	28.672,25
1.9.9.0.99.1.4.000	OUTRAS RECEITAS - PRIMÁRIAS - DÍVIDA ATIVA - MULTAS E JUROS
1.9.9.0.99.1.4.001	OUTRAS MULTAS E JUROS DE MORA DA DÍVIDA ATIVA DE OUTRAS RECEITAS	0330	1.253.768,65
1.9.9.0.99.1.4.002	MULTAS E JUROS DE MORA DA DÍVIDA ATIVA	0330	8.445,00
1.9.9.0.99.1.4.003	MULTAS E JUROS DE MORA DA DÍVIDA ATIVA DE OUTROS TRIBUTOS (TAXAS)	0330	31.322,84
1.9.9.0.99.1.4.004	MULTAS E JUROS DE MORA DA DÍVIDA ATIVA DE OUTROS TRIBUTOS (TAXAS)	0330	403.674,67
2.0.0.0.00.0.0.000	RECEITAS DE CAPITAL	125.199.207,71
2.1.0.0.00.0.0.000	OPERAÇÕES DE CRÉDITO	12.623.280,00
2.1.1.0.00.0.0.000	OPERAÇÕES DE CRÉDITO - MERCADO INTERNO	12.623.280,00
2.1.1.9.00.0.0.000	OPERAÇÕES DE CRÉDITO - MERCADO INTERNO - ESTADOS/DF/MUNICÍPIOS
2.1.1.9.53.0.0.000	OPERAÇÕES DE CRÉDITO INTERNAS ESTADOS/DF/MUNICÍPIOS
2.1.1.9.53.1.0.000	OPERAÇÕES DE CRÉDITO INTERNAS PARA PROGRAMAS DE MODERNIZAÇÃO DA ADMINISTRAÇÃO PÚBLICA
2.1.1.9.53.1.1.000	OPERAÇÕES DE CRÉDITO INTERNAS PARA PROGRAMAS DE MODERNIZAÇÃO DA ADMINISTRAÇÃO PÚBLICA - PRINCIPAL
2.1.1.9.53.1.1.001	OPERAÇÕES DE CRÉDITO INTERNAS PARA PROG. DE MODERN. DA ADM PÚBLICA	0014	12.623.280,00
2.2.0.0.00.0.0.000	ALIENAÇÃO DE BENS	219.672,76
2.2.1.0.00.0.0.000	ALIENAÇÃO DE BENS MÓVEIS	219.672,76
2.2.1.9.00.0.0.000	ALIENAÇÃO DE BENS MÓVEIS E SEMOVENTES
2.2.1.9.00.1.0.000	ALIENAÇÃO DE BENS MÓVEIS E SEMOVENTES
2.2.1.9.00.1.1.000	ALIENAÇÃO DE BENS MÓVEIS E SEMOVENTES - PRINCIPAL
2.2.1.9.00.1.1.001	ALIENAÇÃO DE OUTROS BENS MÓVEIS	0007	219.672,76
2.4.0.0.00.0.0.000	TRANSFERÊNCIAS DE CAPITAL	110.346.154,64
2.4.1.0.00.0.0.000	TRANSFERÊNCIAS DA UNIÃO E DE SUAS ENTIDADES	59.170.065,45
Página 12 de 14
